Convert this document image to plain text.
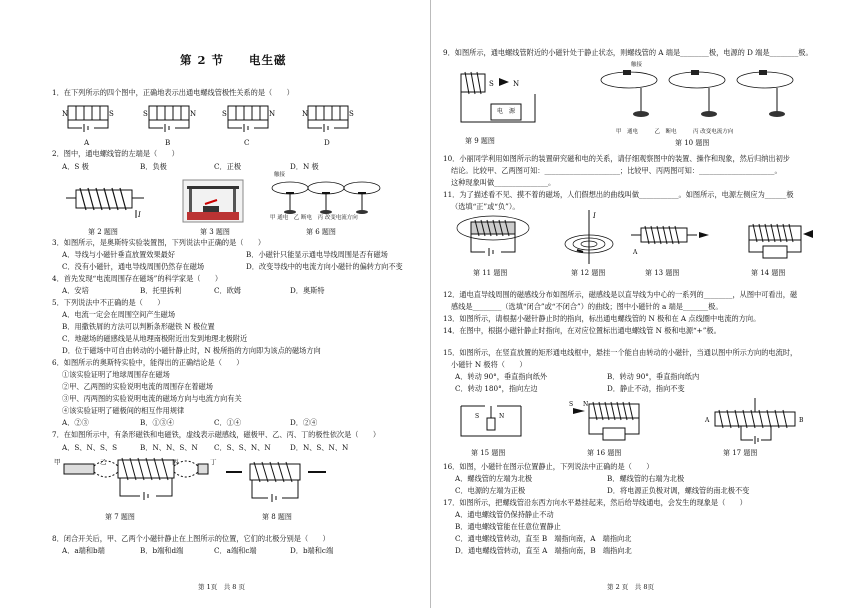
第 2 节　　电生磁
1．在下列所示的四个图中，正确地表示出通电螺线管极性关系的是（　　）
N	S	S	N	S	N	N	S
A	B	C	D
2．图中，通电螺线管的左端是（　　）
A．S 极	B．负极	C．正极	D．N 极
I
第 2 题图	第 3 题图
触接
甲 通电　乙 断电　丙 改变电流方向
第 6 题图
3．如图所示，是奥斯特实验装置图，下列说法中正确的是（　　）
A．导线与小磁针垂直放置效果最好	B．小磁针只能显示通电导线周围是否有磁场
C．没有小磁针，通电导线周围仍然存在磁场	D．改变导线中的电流方向小磁针的偏转方向不变
4．首先发现“电流周围存在磁场”的科学家是（　　）
A．安培	B．托里拆利	C．欧姆	D．奥斯特
5．下列说法中不正确的是（　　）
A．电流一定会在周围空间产生磁场
B．用撒铁屑的方法可以判断条形磁铁 N 极位置
C．地磁场的磁感线是从地理南极附近出发到地理北极附近
D．位于磁场中可自由转动的小磁针静止时，N 极所指的方向即为该点的磁场方向
6．如图所示的奥斯特实验中，能得出的正确结论是（　　）
①该实验证明了地球周围存在磁场
②甲、乙两图的实验说明电流的周围存在着磁场
③甲、丙两图的实验说明电流的磁场方向与电流方向有关
④该实验证明了磁极间的相互作用规律
A．②③	B．①③④	C．①④	D．②④
7．在如图所示中，有条形磁铁和电磁铁，虚线表示磁感线，磁极甲、乙、丙、丁的极性依次是（　　）
A．S、N、S、S	B．N、N、S、N C．S、S、N、N	D．N、S、N、N
甲	乙	丙	丁
第 7 题图	第 8 题图
8．闭合开关后，甲、乙两个小磁针静止在上图所示的位置，它们的北极分别是（　　）
A．a端和b端	B．b端和d端	C．a端和c端	D．b端和c端
第 1页　共 8 页
9．如图所示，通电螺线管附近的小磁针处于静止状态，则螺线管的 A 端是________极，电源的 D 端是________极。
S	N
电　源
第 9 题图
触接
甲　通电　　　乙　断电　　　丙 改变电流方向
第 10 题图
10．小丽同学利用如图所示的装置研究磁和电的关系，请仔细观察图中的装置、操作和现象，然后归纳出初步
结论。比较甲、乙两图可知：_____________________；比较甲、丙两图可知：_____________________。
这种现象叫做_______________。
11．为了描述看不见、摸不着的磁场，人们假想出的曲线叫做___________。如图所示，电源左侧应为______极
（选填“正”或“负”）。
第 11 题图
I
第 12 题图
A
第 13 题图	第 14 题图
12．通电直导线周围的磁感线分布如图所示，磁感线是以直导线为中心的一系列的________，从图中可看出，磁
感线是________（选填“闭合”或“不闭合”）的曲线；图中小磁针的 a 端是_______极。
13．如图所示，请根据小磁针静止时的指向，标出通电螺线管的 N 极和在 A 点线圈中电流的方向。
14．在图中，根据小磁针静止时指向，在对应位置标出通电螺线管 N 极和电源“+”极。
15．如图所示，在竖直放置的矩形通电线框中，悬挂一个能自由转动的小磁针，当通以图中所示方向的电流时，
小磁针 N 极将（　　）
A．转动 90°，垂直指向纸外	B．转动 90°，垂直指向纸内
C．转动 180°，指向左边	D．静止不动，指向不变
S	N
第 15 题图
S N
第 16 题图
A	B
第 17 题图
16．如图，小磁针在图示位置静止，下列说法中正确的是（　　）
A．螺线管的左端为北极	B．螺线管的右端为北极
C．电源的左端为正极	D．将电源正负极对调，螺线管的南北极不变
17．如图所示，把螺线管沿东西方向水平悬挂起来，然后给导线通电，会发生的现象是（　　）
A．通电螺线管仍保持静止不动
B．通电螺线管能在任意位置静止
C．通电螺线管转动，直至 B　端指向南，A　端指向北
D．通电螺线管转动，直至 A　端指向南，B　端指向北
第 2 页　共 8页
